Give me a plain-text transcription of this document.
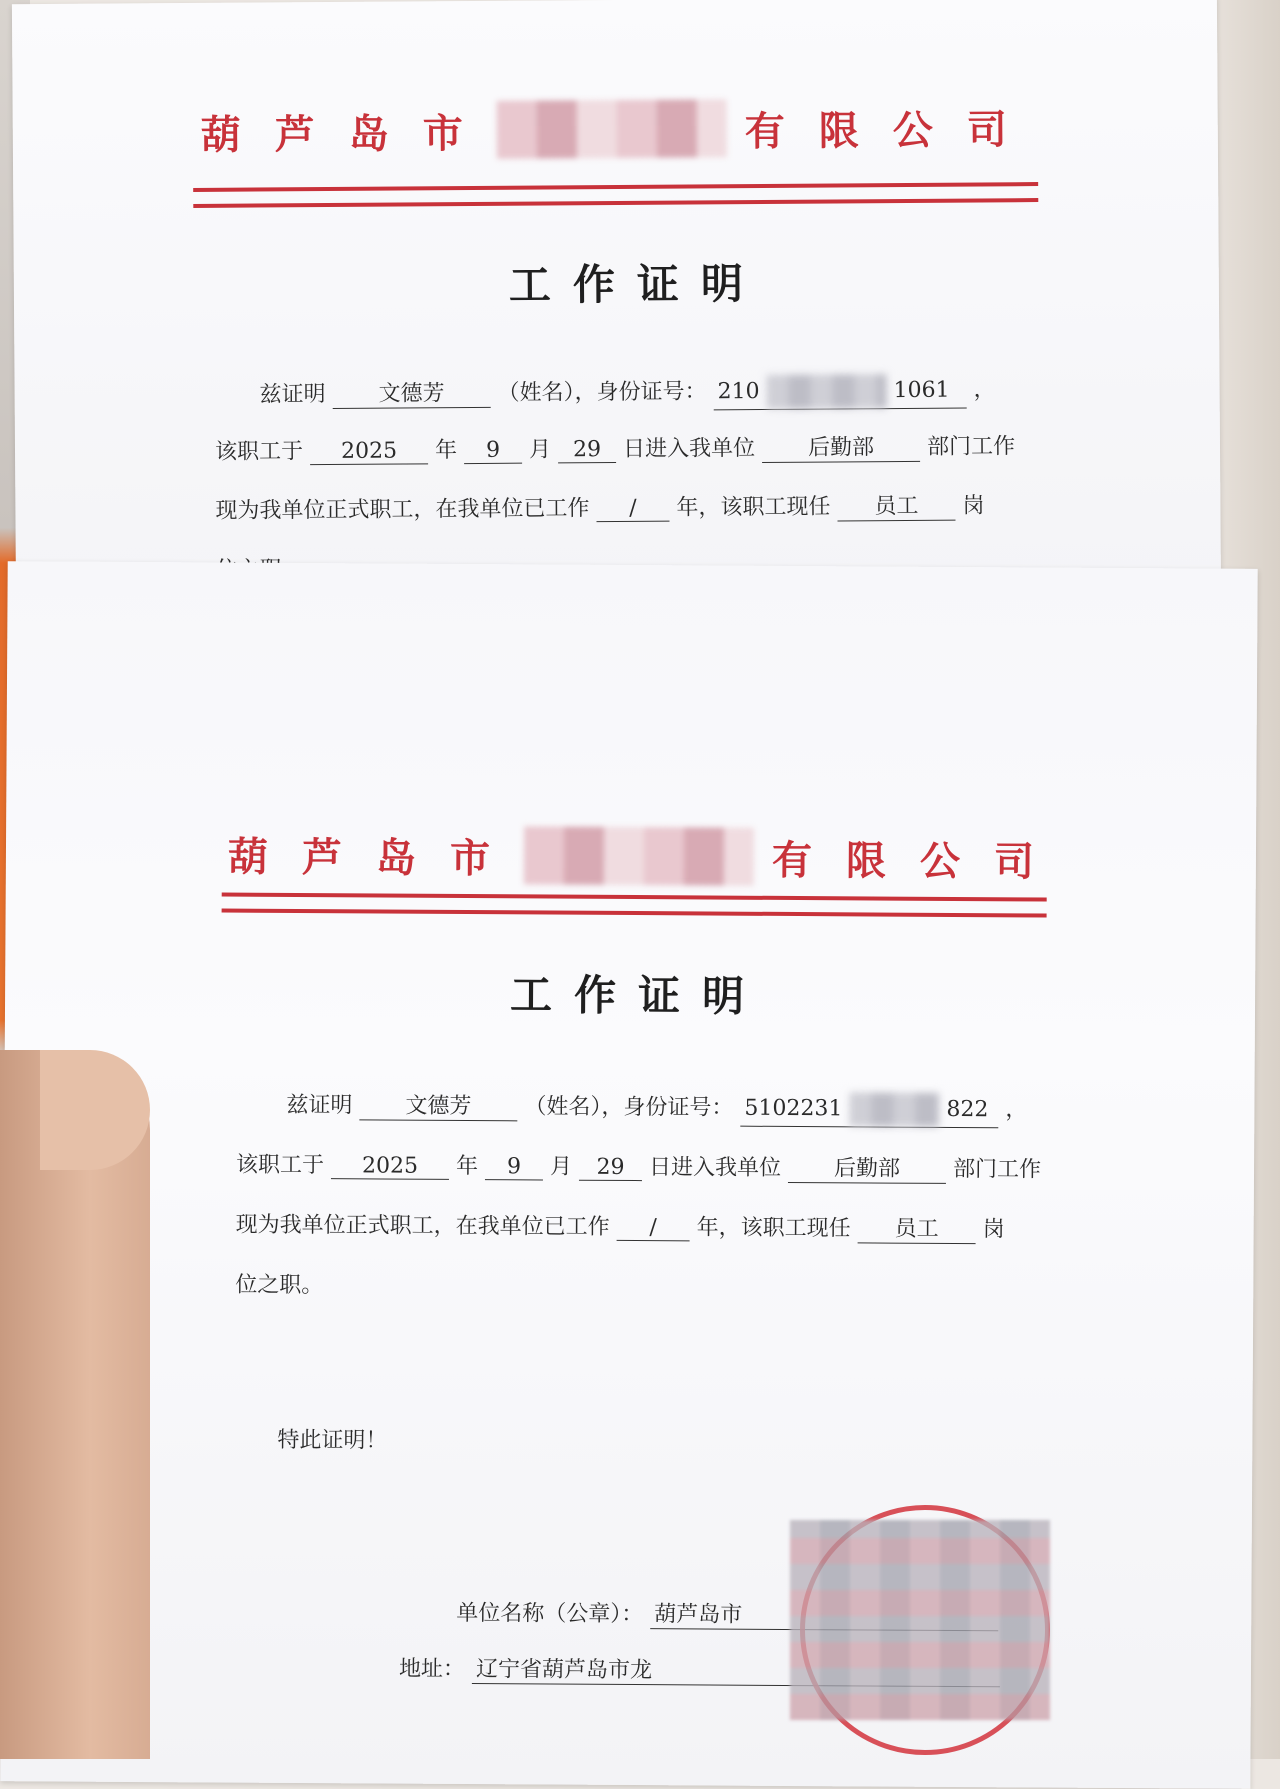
葫 芦 岛 市	有 限 公 司
工作证明
兹证明 文德芳 （姓名），身份证号： 210	1061 ，
该职工于 2025 年 9 月 29 日进入我单位 后勤部 部门工作
现为我单位正式职工，在我单位已工作 / 年，该职工现任 员工 岗
葫 芦 岛 市	有 限 公 司
工作证明
兹证明 文德芳 （姓名），身份证号： 5102231	822 ，
该职工于 2025 年 9 月 29 日进入我单位 后勤部 部门工作
现为我单位正式职工，在我单位已工作 / 年，该职工现任 员工 岗
位之职。
特此证明！
单位名称（公章）： 葫芦岛市
地址： 辽宁省葫芦岛市龙
